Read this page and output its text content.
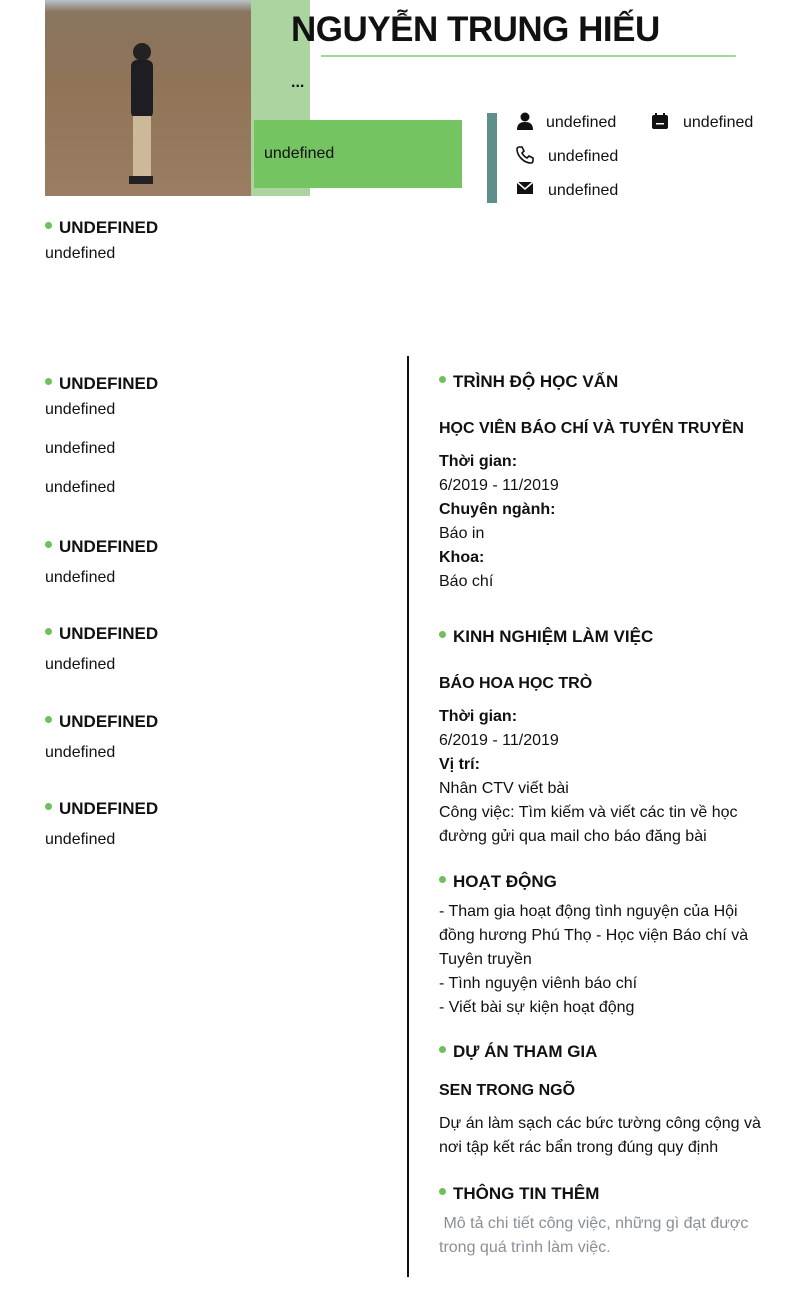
undefined
NGUYỄN TRUNG HIẾU
...
undefined	undefined
undefined
undefined
UNDEFINED
undefined
UNDEFINED
undefined
undefined
undefined
UNDEFINED
undefined
UNDEFINED
undefined
UNDEFINED
undefined
UNDEFINED
undefined
TRÌNH ĐỘ HỌC VẤN
HỌC VIÊN BÁO CHÍ VÀ TUYÊN TRUYỀN
Thời gian:
6/2019 - 11/2019
Chuyên ngành:
Báo in
Khoa:
Báo chí
KINH NGHIỆM LÀM VIỆC
BÁO HOA HỌC TRÒ
Thời gian:
6/2019 - 11/2019
Vị trí:
Nhân CTV viết bài
Công việc: Tìm kiếm và viết các tin về học đường gửi qua mail cho báo đăng bài
HOẠT ĐỘNG
- Tham gia hoạt động tình nguyện của Hội đồng hương Phú Thọ - Học viện Báo chí và Tuyên truyền
- Tình nguyện viênh báo chí
- Viết bài sự kiện hoạt động
DỰ ÁN THAM GIA
SEN TRONG NGÕ
Dự án làm sạch các bức tường công cộng và nơi tập kết rác bẩn trong đúng quy định
THÔNG TIN THÊM
Mô tả chi tiết công việc, những gì đạt được trong quá trình làm việc.
